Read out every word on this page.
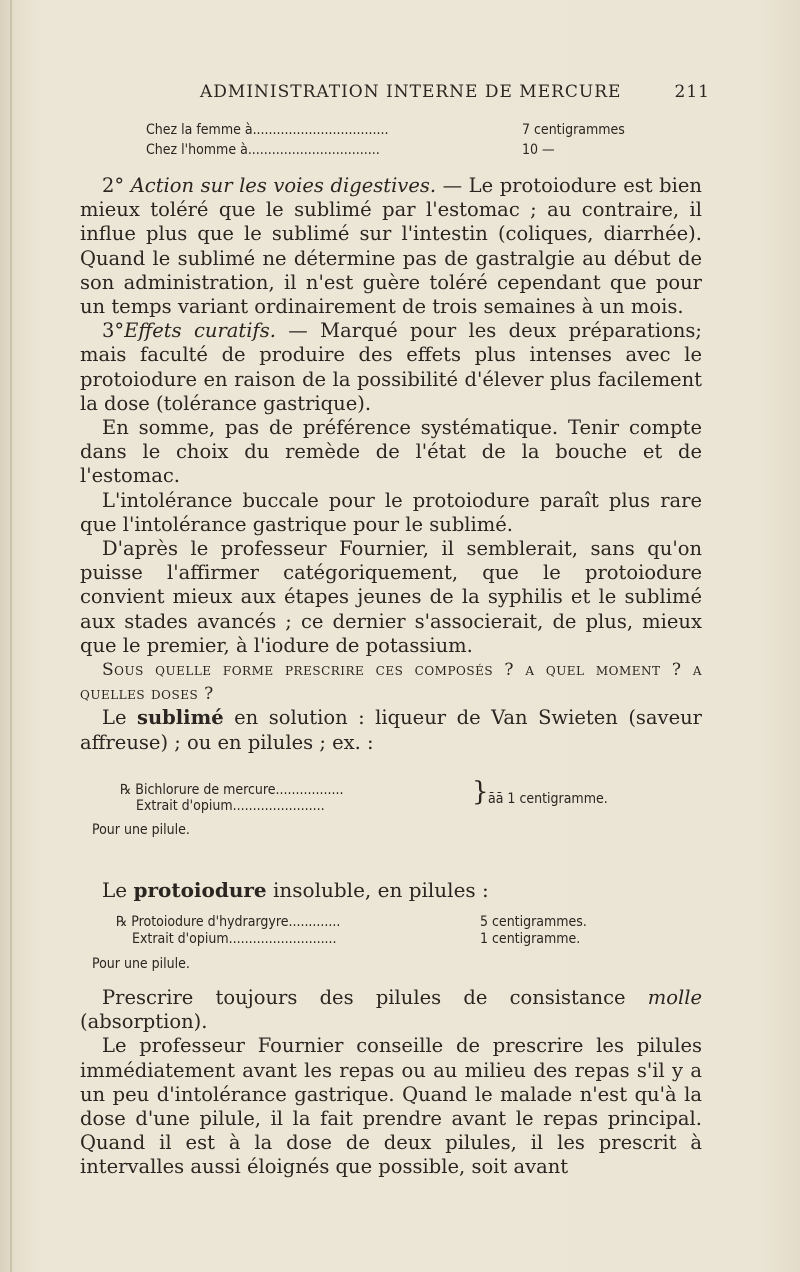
ADMINISTRATION INTERNE DE MERCURE	211
Chez la femme à..................................	7 centigrammes
Chez l'homme à.................................	10 —

2° Action sur les voies digestives. — Le protoiodure est bien mieux toléré que le sublimé par l'estomac ; au contraire, il influe plus que le sublimé sur l'intestin (coliques, diarrhée). Quand le sublimé ne détermine pas de gastralgie au début de son administration, il n'est guère toléré cependant que pour un temps variant ordinairement de trois semaines à un mois.

3°Effets curatifs. — Marqué pour les deux préparations; mais faculté de produire des effets plus intenses avec le protoiodure en raison de la possibilité d'élever plus facilement la dose (tolérance gastrique).

En somme, pas de préférence systématique. Tenir compte dans le choix du remède de l'état de la bouche et de l'estomac.

L'intolérance buccale pour le protoiodure paraît plus rare que l'intolérance gastrique pour le sublimé.

D'après le professeur Fournier, il semblerait, sans qu'on puisse l'affirmer catégoriquement, que le protoiodure convient mieux aux étapes jeunes de la syphilis et le sublimé aux stades avancés ; ce dernier s'associerait, de plus, mieux que le premier, à l'iodure de potassium.

Sous quelle forme prescrire ces composés ? a quel moment ? a quelles doses ?

Le sublimé en solution : liqueur de Van Swieten (saveur affreuse) ; ou en pilules ; ex. :

℞ Bichlorure de mercure.................
Extrait d'opium.......................	} āā 1 centigramme.
Pour une pilule.
Le protoiodure insoluble, en pilules :
℞ Protoiodure d'hydrargyre.............	5 centigrammes.
Extrait d'opium...........................	1 centigramme.
Pour une pilule.

Prescrire toujours des pilules de consistance molle (absorption).

Le professeur Fournier conseille de prescrire les pilules immédiatement avant les repas ou au milieu des repas s'il y a un peu d'intolérance gastrique. Quand le malade n'est qu'à la dose d'une pilule, il la fait prendre avant le repas principal. Quand il est à la dose de deux pilules, il les prescrit à intervalles aussi éloignés que possible, soit avant
